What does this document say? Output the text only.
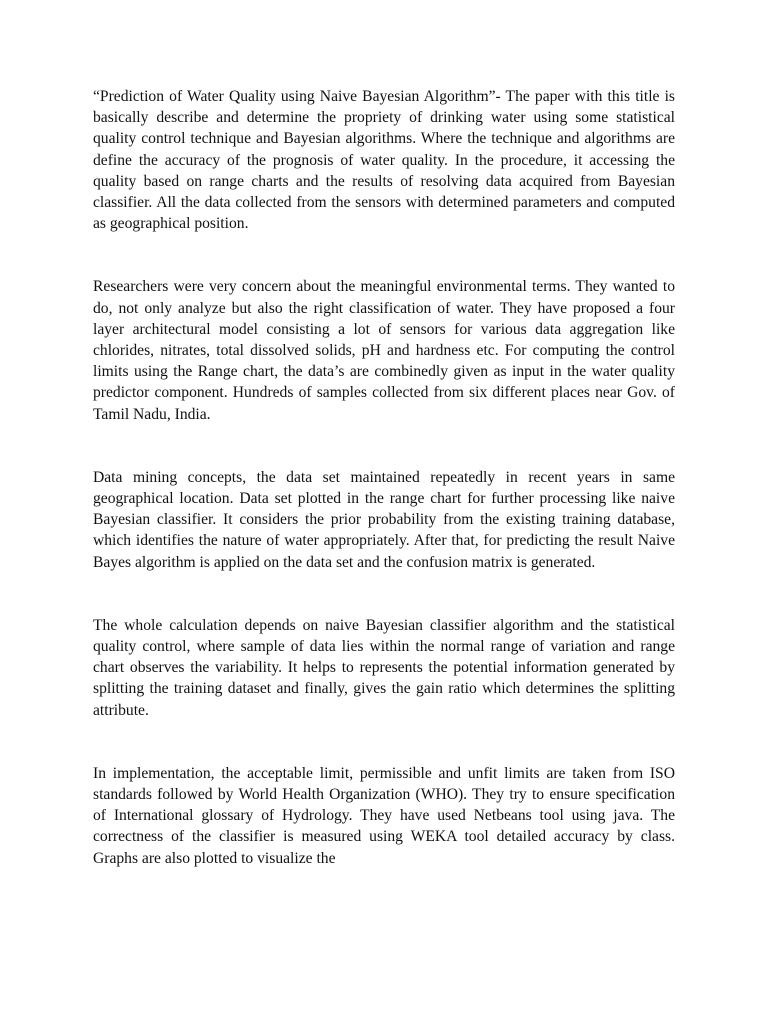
“Prediction of Water Quality using Naive Bayesian Algorithm”- The paper with this title is basically describe and determine the propriety of drinking water using some statistical quality control technique and Bayesian algorithms. Where the technique and algorithms are define the accuracy of the prognosis of water quality. In the procedure, it accessing the quality based on range charts and the results of resolving data acquired from Bayesian classifier. All the data collected from the sensors with determined parameters and computed as geographical position.

Researchers were very concern about the meaningful environmental terms. They wanted to do, not only analyze but also the right classification of water. They have proposed a four layer architectural model consisting a lot of sensors for various data aggregation like chlorides, nitrates, total dissolved solids, pH and hardness etc. For computing the control limits using the Range chart, the data’s are combinedly given as input in the water quality predictor component. Hundreds of samples collected from six different places near Gov. of Tamil Nadu, India.

Data mining concepts, the data set maintained repeatedly in recent years in same geographical location. Data set plotted in the range chart for further processing like naive Bayesian classifier. It considers the prior probability from the existing training database, which identifies the nature of water appropriately. After that, for predicting the result Naive Bayes algorithm is applied on the data set and the confusion matrix is generated.

The whole calculation depends on naive Bayesian classifier algorithm and the statistical quality control, where sample of data lies within the normal range of variation and range chart observes the variability. It helps to represents the potential information generated by splitting the training dataset and finally, gives the gain ratio which determines the splitting attribute.

In implementation, the acceptable limit, permissible and unfit limits are taken from ISO standards followed by World Health Organization (WHO). They try to ensure specification of International glossary of Hydrology. They have used Netbeans tool using java. The correctness of the classifier is measured using WEKA tool detailed accuracy by class. Graphs are also plotted to visualize the
